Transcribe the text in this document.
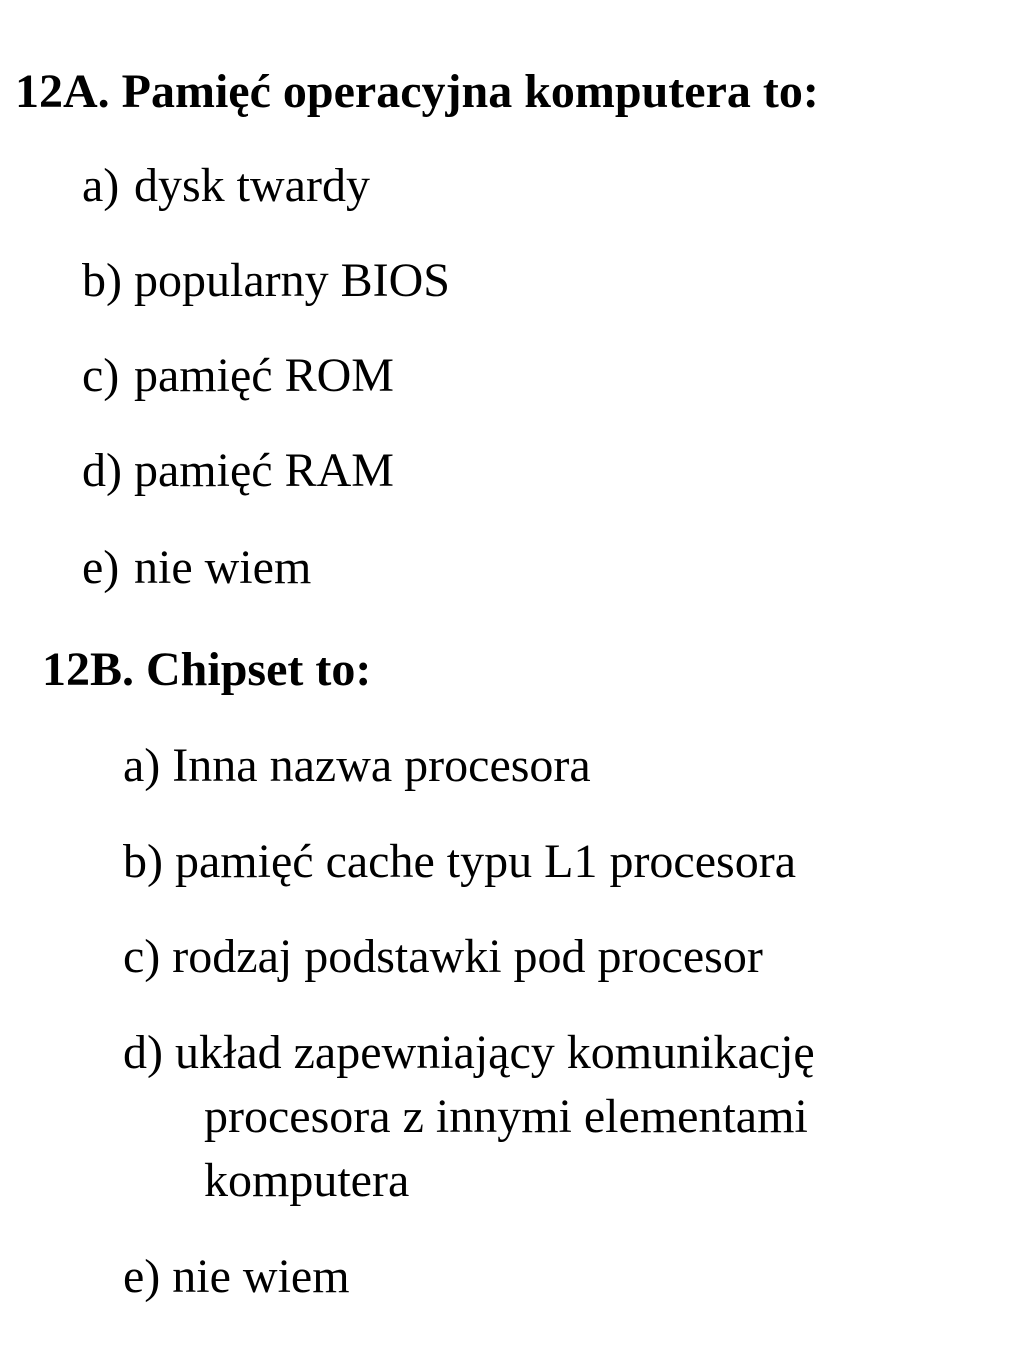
12A. Pamięć operacyjna komputera to:
a) dysk twardy
b) popularny BIOS
c) pamięć ROM
d) pamięć RAM
e) nie wiem
12B. Chipset to:
a) Inna nazwa procesora
b) pamięć cache typu L1 procesora
c) rodzaj podstawki pod procesor
d) układ zapewniający komunikację
procesora z innymi elementami
komputera
e) nie wiem
